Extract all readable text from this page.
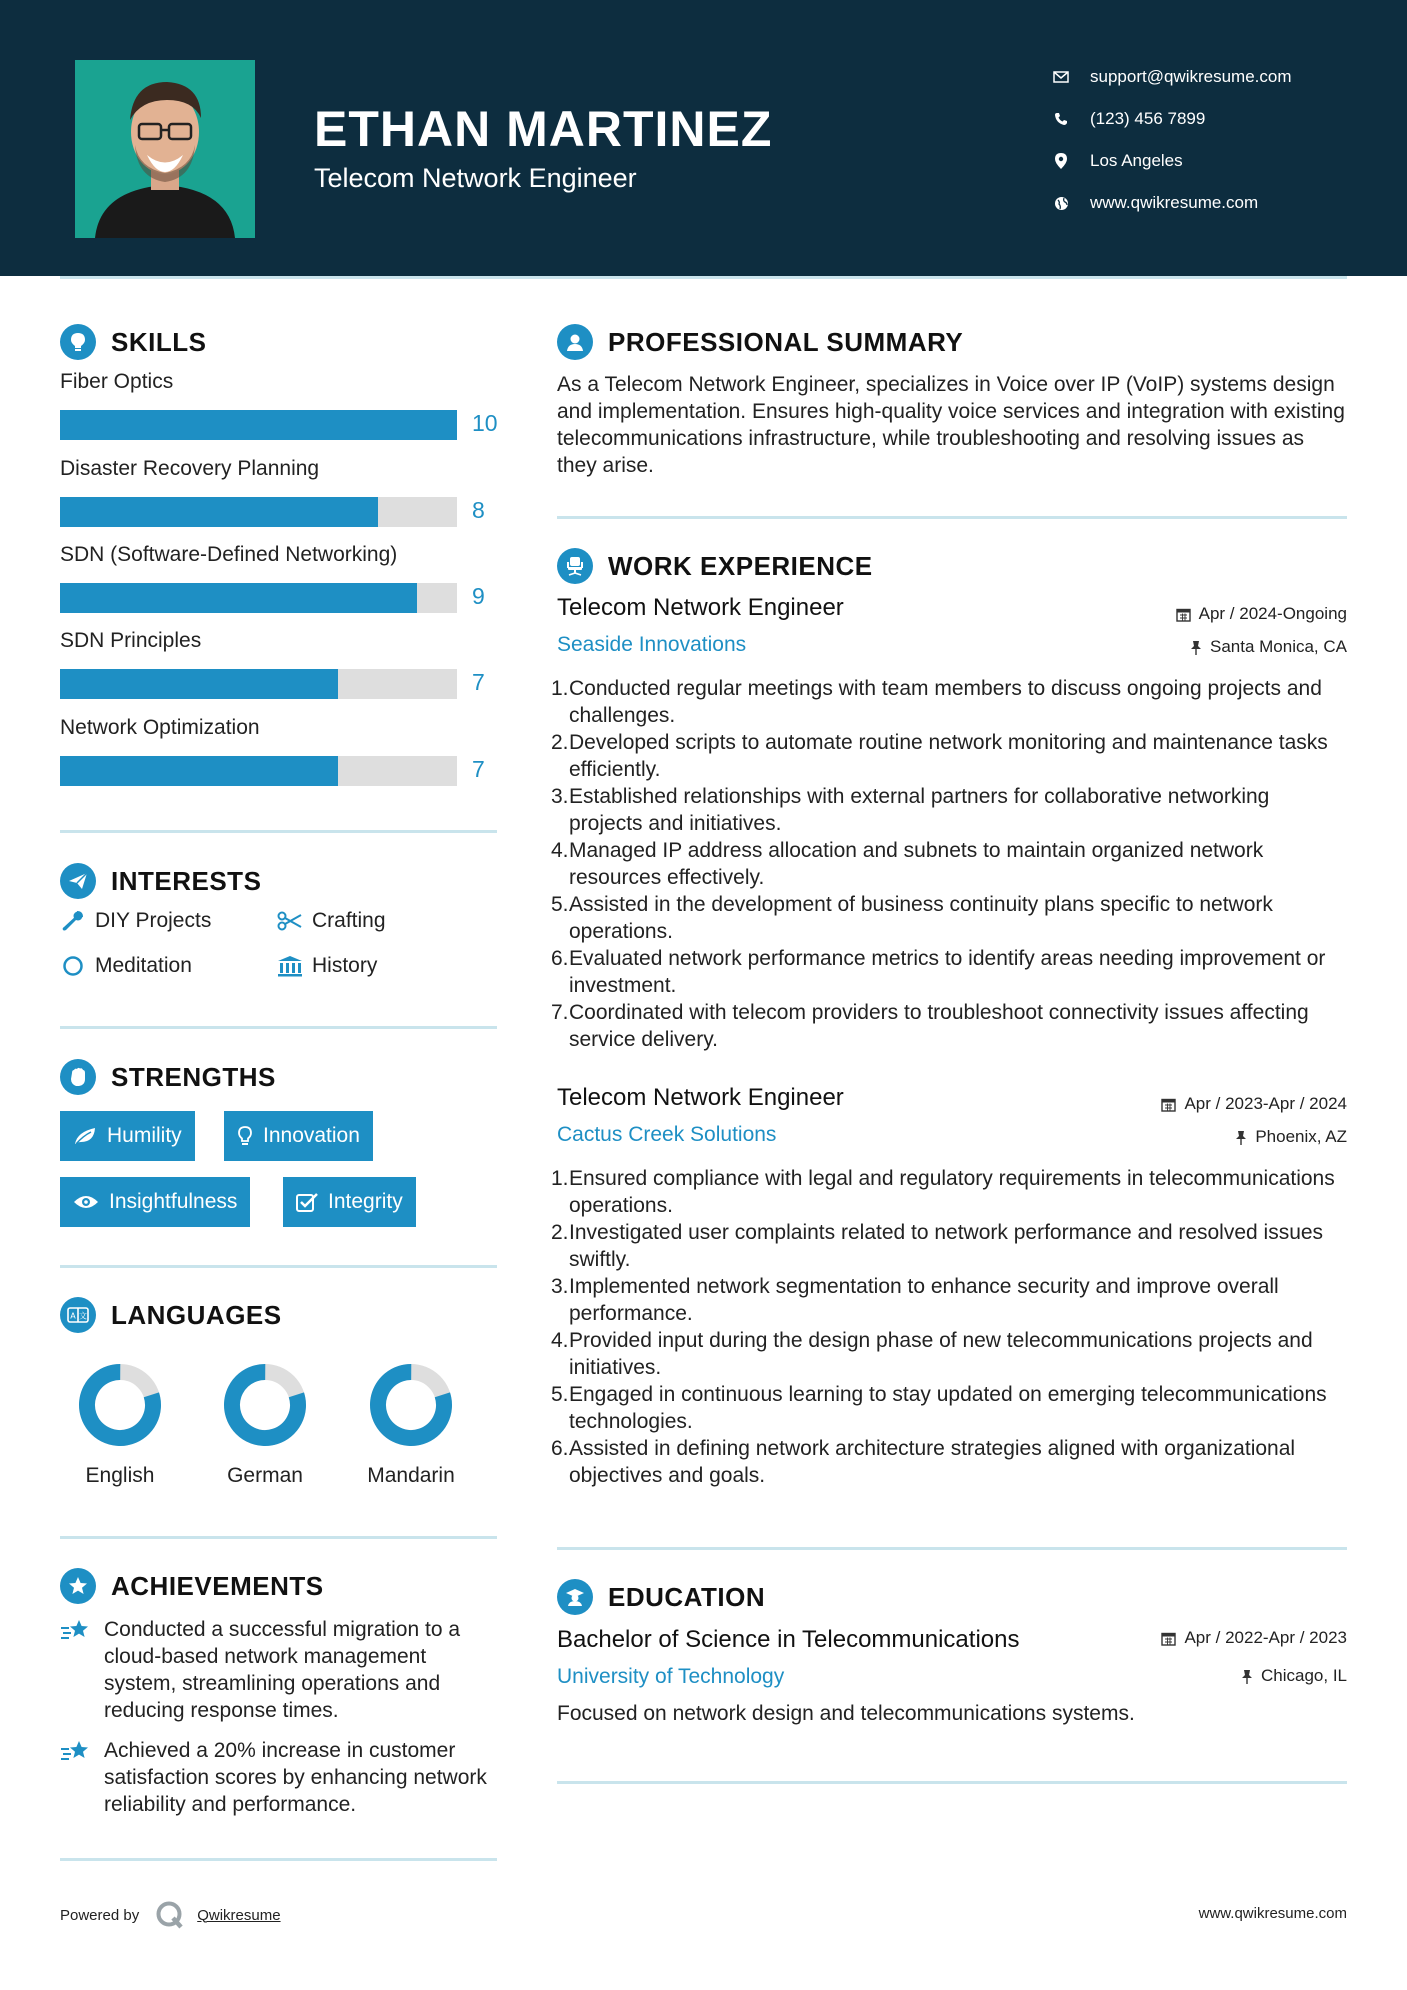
ETHAN MARTINEZ
Telecom Network Engineer
support@qwikresume.com
(123) 456 7899
Los Angeles
www.qwikresume.com
SKILLS
Fiber Optics
10
Disaster Recovery Planning
8
SDN (Software-Defined Networking)
9
SDN Principles
7
Network Optimization
7
INTERESTS
DIY Projects	Crafting
Meditation	History
STRENGTHS
Humility	Innovation
Insightfulness	Integrity
A 文 LANGUAGES
English	German	Mandarin
ACHIEVEMENTS
Conducted a successful migration to a cloud-based network management system, streamlining operations and reducing response times.
Achieved a 20% increase in customer satisfaction scores by enhancing network reliability and performance.
PROFESSIONAL SUMMARY
As a Telecom Network Engineer, specializes in Voice over IP (VoIP) systems design and implementation. Ensures high-quality voice services and integration with existing telecommunications infrastructure, while troubleshooting and resolving issues as they arise.
WORK EXPERIENCE
Telecom Network Engineer	Apr / 2024-Ongoing
Seaside Innovations	Santa Monica, CA
1. Conducted regular meetings with team members to discuss ongoing projects and challenges.
2. Developed scripts to automate routine network monitoring and maintenance tasks efficiently.
3. Established relationships with external partners for collaborative networking projects and initiatives.
4. Managed IP address allocation and subnets to maintain organized network resources effectively.
5. Assisted in the development of business continuity plans specific to network operations.
6. Evaluated network performance metrics to identify areas needing improvement or investment.
7. Coordinated with telecom providers to troubleshoot connectivity issues affecting service delivery.
Telecom Network Engineer	Apr / 2023-Apr / 2024
Cactus Creek Solutions	Phoenix, AZ
1. Ensured compliance with legal and regulatory requirements in telecommunications operations.
2. Investigated user complaints related to network performance and resolved issues swiftly.
3. Implemented network segmentation to enhance security and improve overall performance.
4. Provided input during the design phase of new telecommunications projects and initiatives.
5. Engaged in continuous learning to stay updated on emerging telecommunications technologies.
6. Assisted in defining network architecture strategies aligned with organizational objectives and goals.
EDUCATION
Bachelor of Science in Telecommunications	Apr / 2022-Apr / 2023
University of Technology	Chicago, IL
Focused on network design and telecommunications systems.
Powered by	Qwikresume	www.qwikresume.com
